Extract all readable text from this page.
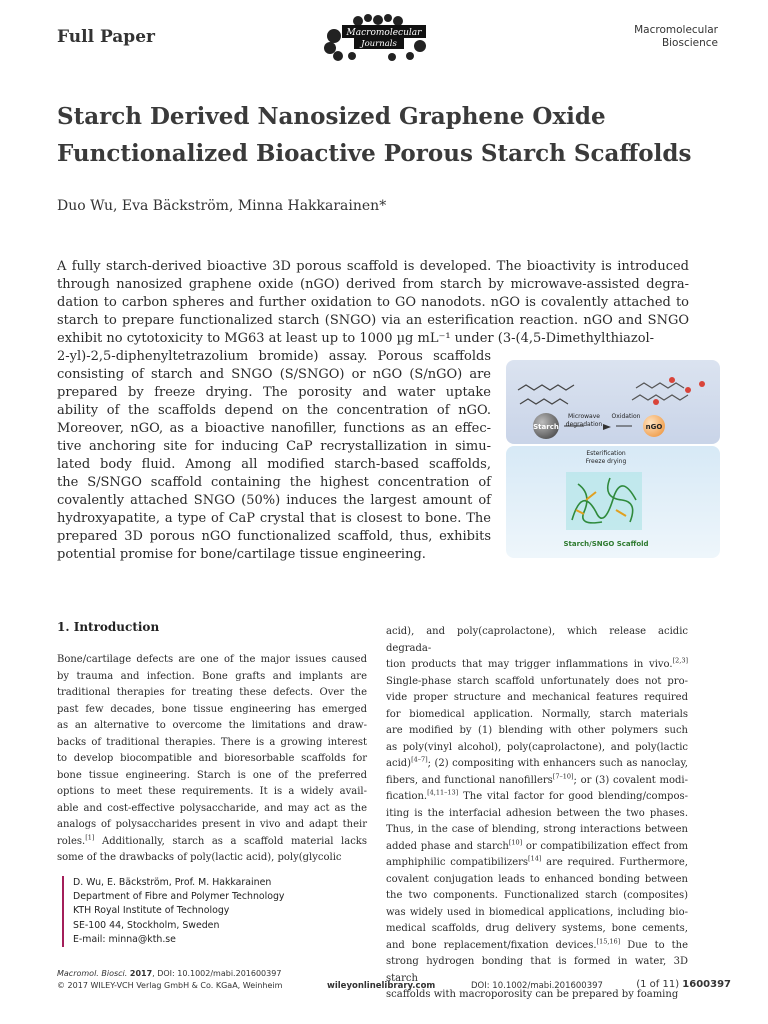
Full Paper	Macromolecular
Journals
Macromolecular
Bioscience
Starch Derived Nanosized Graphene Oxide
Functionalized Bioactive Porous Starch Scaffolds
Duo Wu, Eva Bäckström, Minna Hakkarainen*
A fully starch-derived bioactive 3D porous scaffold is developed. The bioactivity is introduced
through nanosized graphene oxide (nGO) derived from starch by microwave-assisted degra-
dation to carbon spheres and further oxidation to GO nanodots. nGO is covalently attached to
starch to prepare functionalized starch (SNGO) via an esterification reaction. nGO and SNGO
exhibit no cytotoxicity to MG63 at least up to 1000 µg mL⁻¹ under (3-(4,5-Dimethylthiazol-
2-yl)-2,5-diphenyltetrazolium bromide) assay. Porous scaffolds
consisting of starch and SNGO (S/SNGO) or nGO (S/nGO) are
prepared by freeze drying. The porosity and water uptake
ability of the scaffolds depend on the concentration of nGO.
Moreover, nGO, as a bioactive nanofiller, functions as an effec-
tive anchoring site for inducing CaP recrystallization in simu-
lated body fluid. Among all modified starch-based scaffolds,
the S/SNGO scaffold containing the highest concentration of
covalently attached SNGO (50%) induces the largest amount of
hydroxyapatite, a type of CaP crystal that is closest to bone. The
prepared 3D porous nGO functionalized scaffold, thus, exhibits
potential promise for bone/cartilage tissue engineering.
Starch
Microwave
degradation
Oxidation
nGO
Esterification
Freeze drying
Starch/SNGO Scaffold
1. Introduction
Bone/cartilage defects are one of the major issues caused
by trauma and infection. Bone grafts and implants are
traditional therapies for treating these defects. Over the
past few decades, bone tissue engineering has emerged
as an alternative to overcome the limitations and draw-
backs of traditional therapies. There is a growing interest
to develop biocompatible and bioresorbable scaffolds for
bone tissue engineering. Starch is one of the preferred
options to meet these requirements. It is a widely avail-
able and cost-effective polysaccharide, and may act as the
analogs of polysaccharides present in vivo and adapt their
roles.[1] Additionally, starch as a scaffold material lacks
some of the drawbacks of poly(lactic acid), poly(glycolic
acid), and poly(caprolactone), which release acidic degrada-
tion products that may trigger inflammations in vivo.[2,3]
Single-phase starch scaffold unfortunately does not pro-
vide proper structure and mechanical features required
for biomedical application. Normally, starch materials
are modified by (1) blending with other polymers such
as poly(vinyl alcohol), poly(caprolactone), and poly(lactic
acid)[4–7]; (2) compositing with enhancers such as nanoclay,
fibers, and functional nanofillers[7–10]; or (3) covalent modi-
fication.[4,11–13] The vital factor for good blending/compos-
iting is the interfacial adhesion between the two phases.
Thus, in the case of blending, strong interactions between
added phase and starch[10] or compatibilization effect from
amphiphilic compatibilizers[14] are required. Furthermore,
covalent conjugation leads to enhanced bonding between
the two components. Functionalized starch (composites)
was widely used in biomedical applications, including bio-
medical scaffolds, drug delivery systems, bone cements,
and bone replacement/fixation devices.[15,16] Due to the
strong hydrogen bonding that is formed in water, 3D starch
scaffolds with macroporosity can be prepared by foaming
D. Wu, E. Bäckström, Prof. M. Hakkarainen
Department of Fibre and Polymer Technology
KTH Royal Institute of Technology
SE-100 44, Stockholm, Sweden
E-mail: minna@kth.se
Macromol. Biosci. 2017, DOI: 10.1002/mabi.201600397
© 2017 WILEY-VCH Verlag GmbH & Co. KGaA, Weinheim	wileyonlinelibrary.com	DOI: 10.1002/mabi.201600397	(1 of 11) 1600397
